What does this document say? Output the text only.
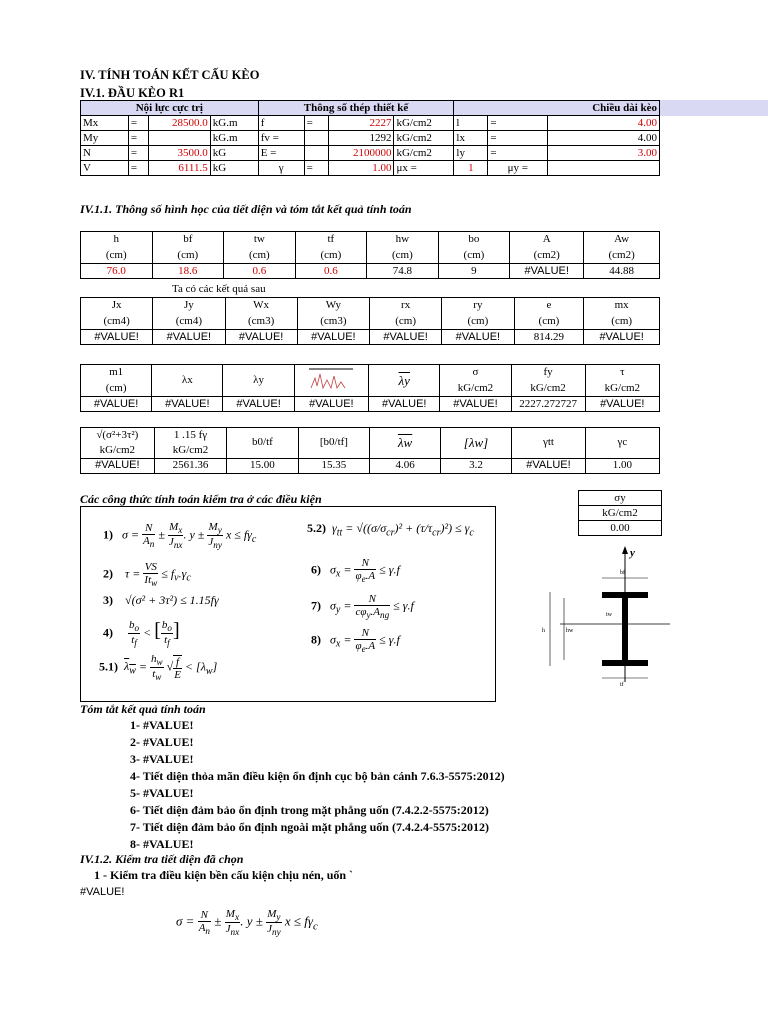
IV. TÍNH TOÁN KẾT CẤU KÈO
IV.1. ĐẦU KÈO R1
Nội lực cực trị				Thông số thép thiết kế				Chiều dài kèo		
Mx	=	28500.0	kG.m	f	=	2227	kG/cm2	l	=	4.00
My	=		kG.m	fv =		1292	kG/cm2	lx	=	4.00
N	=	3500.0	kG	E =		2100000	kG/cm2	ly	=	3.00
V	=	6111.5	kG	γ	=	1.00	μx =	1	μy =	
IV.1.1. Thông số hình học của tiết diện và tóm tắt kết quả tính toán
h	bf	tw	tf	hw	bo	A	Aw
(cm)	(cm)	(cm)	(cm)	(cm)	(cm)	(cm2)	(cm2)
76.0	18.6	0.6	0.6	74.8	9	#VALUE!	44.88
Ta có các kết quả sau
Jx	Jy	Wx	Wy	rx	ry	e	mx
(cm4)	(cm4)	(cm3)	(cm3)	(cm)	(cm)	(cm)	(cm)
#VALUE!	#VALUE!	#VALUE!	#VALUE!	#VALUE!	#VALUE!	814.29	#VALUE!
m1	λx	λy		$\overline{\lambda y}$	σ	fy	τ
(cm)					kG/cm2	kG/cm2	kG/cm2
#VALUE!	#VALUE!	#VALUE!	#VALUE!	#VALUE!	#VALUE!	2227.272727	#VALUE!
√(σ²+3τ²)	1 .15 fγ	b0/tf	[b0/tf]	$\overline{\lambda w}$	[λw]	γtt	γc
kG/cm2	kG/cm2						
#VALUE!	2561.36	15.00	15.35	4.06	3.2	#VALUE!	1.00
σy
kG/cm2
0.00
Các công thức tính toán kiểm tra ở các điều kiện
1)   $\sigma = \frac{N}{A_n} \pm \frac{M_x}{J_{nx}}$ . $y \pm \frac{M_y}{J_{ny}}$ $x \le f\gamma_c$
2)    $\tau = \frac{VS}{It_w} \le f_v.\gamma_c$
3)    √(σ² + 3τ²) ≤ 1.15fγ
$4) \frac{b_o}{t_f}$ < [ $\frac{b_o}{t_f}$ ]
5.1) $\lambda_w = \frac{h_w}{t_w}$ √ $\frac{f}{E} < [\lambda_w]$
5.2)  $\gamma_{tt} = √((\sigma/\sigma_{cr})^2 + (\tau/\tau_{cr})^2) \le \gamma_c$
6)   $\sigma_x = \frac{N}{\varphi_e.A} \le \gamma.f$
7)   $\sigma_y = \frac{N}{c\varphi_y.A_{ng}} \le \gamma.f$
8)   $\sigma_x = \frac{N}{\varphi_e.A} \le \gamma.f$
y
bf
tw
h	hw
tf
Tóm tắt kết quả tính toán
1- #VALUE!
2- #VALUE!
3- #VALUE!
4- Tiết diện thỏa mãn điều kiện ổn định cục bộ bản cánh 7.6.3-5575:2012)
5- #VALUE!
6- Tiết diện đảm bảo ổn định trong mặt phẳng uốn (7.4.2.2-5575:2012)
7- Tiết diện đảm bảo ổn định ngoài mặt phẳng uốn (7.4.2.4-5575:2012)
8- #VALUE!
IV.1.2. Kiểm tra tiết diện đã chọn
1 - Kiểm tra điều kiện bền cấu kiện chịu nén, uốn `
#VALUE!
$\sigma = \frac{N}{A_n} \pm \frac{M_x}{J_{nx}}$ . $y \pm \frac{M_y}{J_{ny}}$ $x \le f\gamma_c$
